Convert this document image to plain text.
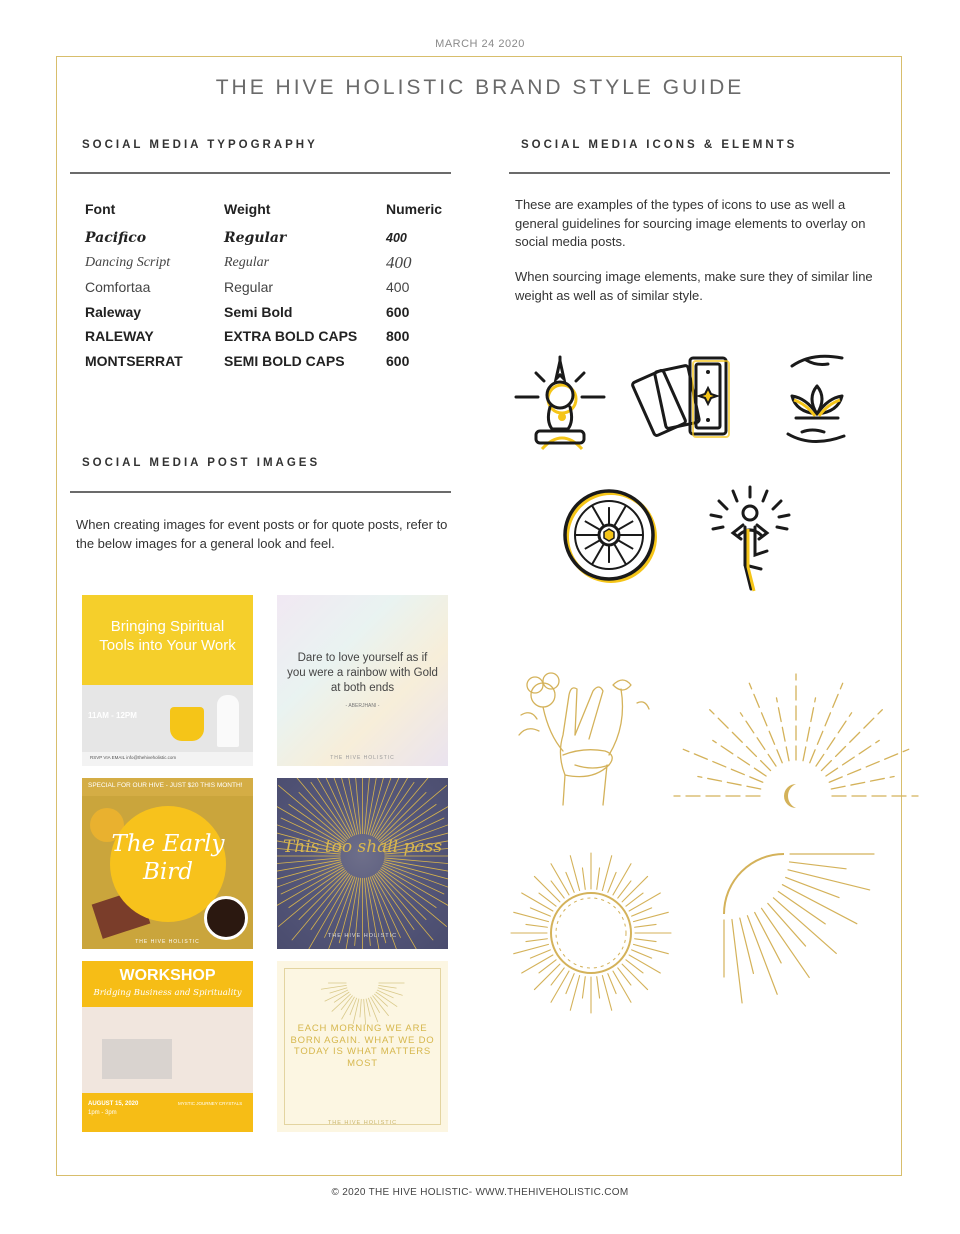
MARCH 24 2020
THE HIVE HOLISTIC BRAND STYLE GUIDE
SOCIAL MEDIA TYPOGRAPHY
Font	Weight	Numeric
Pacifico	Regular	400
Dancing Script	Regular	400
Comfortaa	Regular	400
Raleway	Semi Bold	600
RALEWAY	EXTRA BOLD CAPS	800
MONTSERRAT	SEMI BOLD CAPS	600
SOCIAL MEDIA POST IMAGES
When creating images for event posts or for quote posts, refer to the below images for a general look and feel.
Bringing Spiritual Tools into Your Work
11AM - 12PM
RSVP VIA EMAIL info@thehiveholistic.com
Dare to love yourself as if you were a rainbow with Gold at both ends
- ABERJHANI -
THE HIVE HOLISTIC
SPECIAL FOR OUR HIVE - JUST $20 THIS MONTH!
The Early Bird
THE HIVE HOLISTIC
This too shall pass
THE HIVE HOLISTIC
WORKSHOP
Bridging Business and Spirituality
AUGUST 15, 2020
1pm - 3pm
MYSTIC JOURNEY CRYSTALS
EACH MORNING WE ARE BORN AGAIN. WHAT WE DO TODAY IS WHAT MATTERS MOST
THE HIVE HOLISTIC
SOCIAL MEDIA ICONS & ELEMNTS
These are examples of the types of icons to use as well a general guidelines for sourcing image elements to overlay on social media posts.
When sourcing image elements, make sure they of similar line weight as well as of similar style.
© 2020 THE HIVE HOLISTIC- WWW.THEHIVEHOLISTIC.COM
